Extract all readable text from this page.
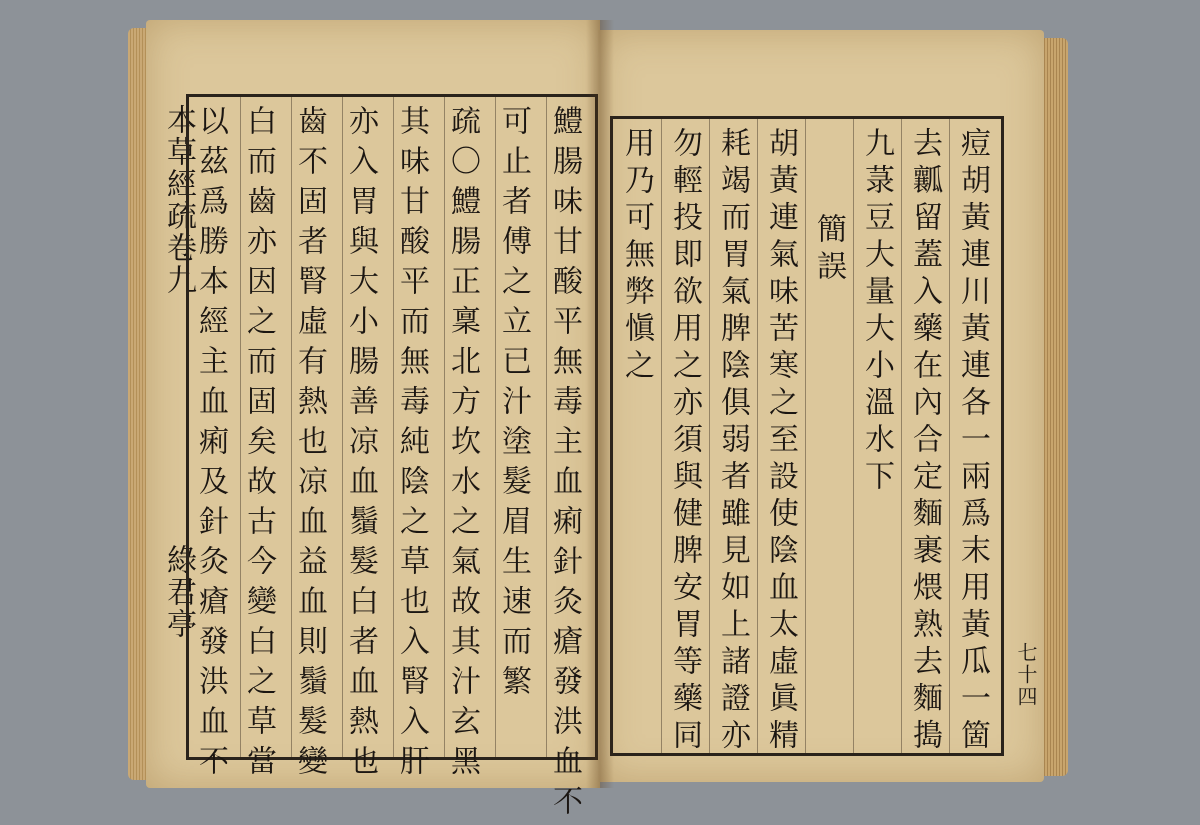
本草經疏卷九
綠君亭	鱧腸味甘酸平無毒主血痢針灸瘡發洪血不
可止者傅之立已汁塗髮眉生速而繁
疏〇鱧腸正稟北方坎水之氣故其汁玄黑
其味甘酸平而無毒純陰之草也入腎入肝
亦入胃與大小腸善凉血鬚髮白者血熱也
齒不固者腎虛有熱也凉血益血則鬚髮變
白而齒亦因之而固矣故古今變白之草當
以茲爲勝本經主血痢及針灸瘡發洪血不	痘胡黃連川黃連各一兩爲末用黃瓜一箇
去瓤留蓋入藥在內合定麵裹煨熟去麵搗
九菉豆大量大小溫水下
簡誤
胡黃連氣味苦寒之至設使陰血太虛眞精
耗竭而胃氣脾陰俱弱者雖見如上諸證亦
勿輕投即欲用之亦須與健脾安胃等藥同
用乃可無弊愼之
七十四
